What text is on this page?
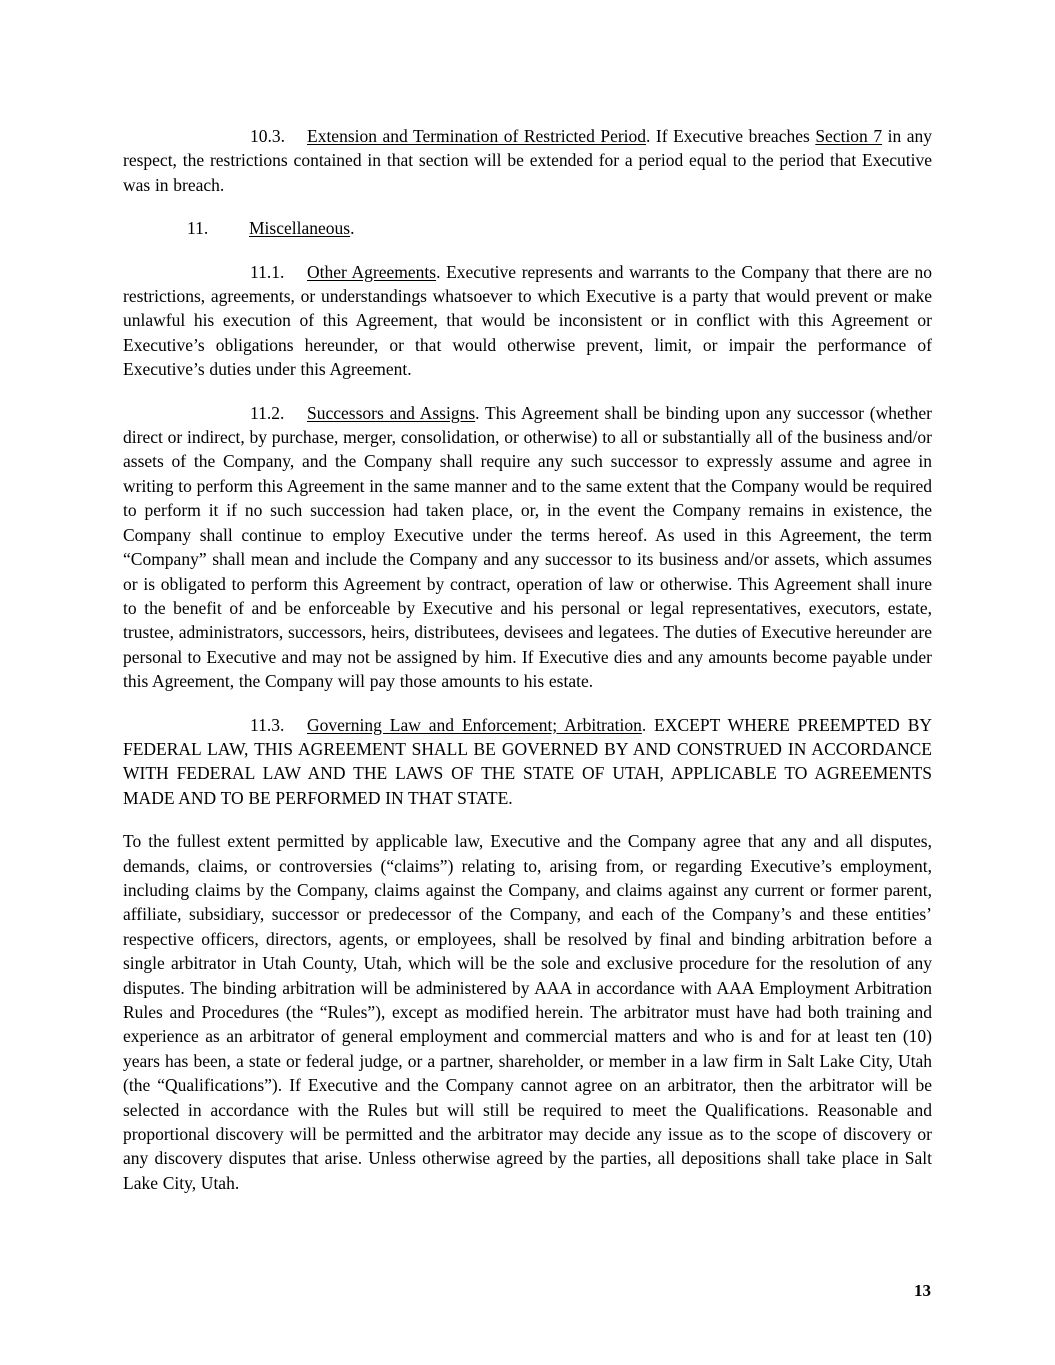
10.3. Extension and Termination of Restricted Period. If Executive breaches Section 7 in any respect, the restrictions contained in that section will be extended for a period equal to the period that Executive was in breach.

11. Miscellaneous.

11.1. Other Agreements. Executive represents and warrants to the Company that there are no restrictions, agreements, or understandings whatsoever to which Executive is a party that would prevent or make unlawful his execution of this Agreement, that would be inconsistent or in conflict with this Agreement or Executive’s obligations hereunder, or that would otherwise prevent, limit, or impair the performance of Executive’s duties under this Agreement.

11.2. Successors and Assigns. This Agreement shall be binding upon any successor (whether direct or indirect, by purchase, merger, consolidation, or otherwise) to all or substantially all of the business and/or assets of the Company, and the Company shall require any such successor to expressly assume and agree in writing to perform this Agreement in the same manner and to the same extent that the Company would be required to perform it if no such succession had taken place, or, in the event the Company remains in existence, the Company shall continue to employ Executive under the terms hereof. As used in this Agreement, the term “Company” shall mean and include the Company and any successor to its business and/or assets, which assumes or is obligated to perform this Agreement by contract, operation of law or otherwise. This Agreement shall inure to the benefit of and be enforceable by Executive and his personal or legal representatives, executors, estate, trustee, administrators, successors, heirs, distributees, devisees and legatees. The duties of Executive hereunder are personal to Executive and may not be assigned by him. If Executive dies and any amounts become payable under this Agreement, the Company will pay those amounts to his estate.

11.3. Governing Law and Enforcement; Arbitration. EXCEPT WHERE PREEMPTED BY FEDERAL LAW, THIS AGREEMENT SHALL BE GOVERNED BY AND CONSTRUED IN ACCORDANCE WITH FEDERAL LAW AND THE LAWS OF THE STATE OF UTAH, APPLICABLE TO AGREEMENTS MADE AND TO BE PERFORMED IN THAT STATE.

To the fullest extent permitted by applicable law, Executive and the Company agree that any and all disputes, demands, claims, or controversies (“claims”) relating to, arising from, or regarding Executive’s employment, including claims by the Company, claims against the Company, and claims against any current or former parent, affiliate, subsidiary, successor or predecessor of the Company, and each of the Company’s and these entities’ respective officers, directors, agents, or employees, shall be resolved by final and binding arbitration before a single arbitrator in Utah County, Utah, which will be the sole and exclusive procedure for the resolution of any disputes. The binding arbitration will be administered by AAA in accordance with AAA Employment Arbitration Rules and Procedures (the “Rules”), except as modified herein. The arbitrator must have had both training and experience as an arbitrator of general employment and commercial matters and who is and for at least ten (10) years has been, a state or federal judge, or a partner, shareholder, or member in a law firm in Salt Lake City, Utah (the “Qualifications”). If Executive and the Company cannot agree on an arbitrator, then the arbitrator will be selected in accordance with the Rules but will still be required to meet the Qualifications. Reasonable and proportional discovery will be permitted and the arbitrator may decide any issue as to the scope of discovery or any discovery disputes that arise. Unless otherwise agreed by the parties, all depositions shall take place in Salt Lake City, Utah.

13
